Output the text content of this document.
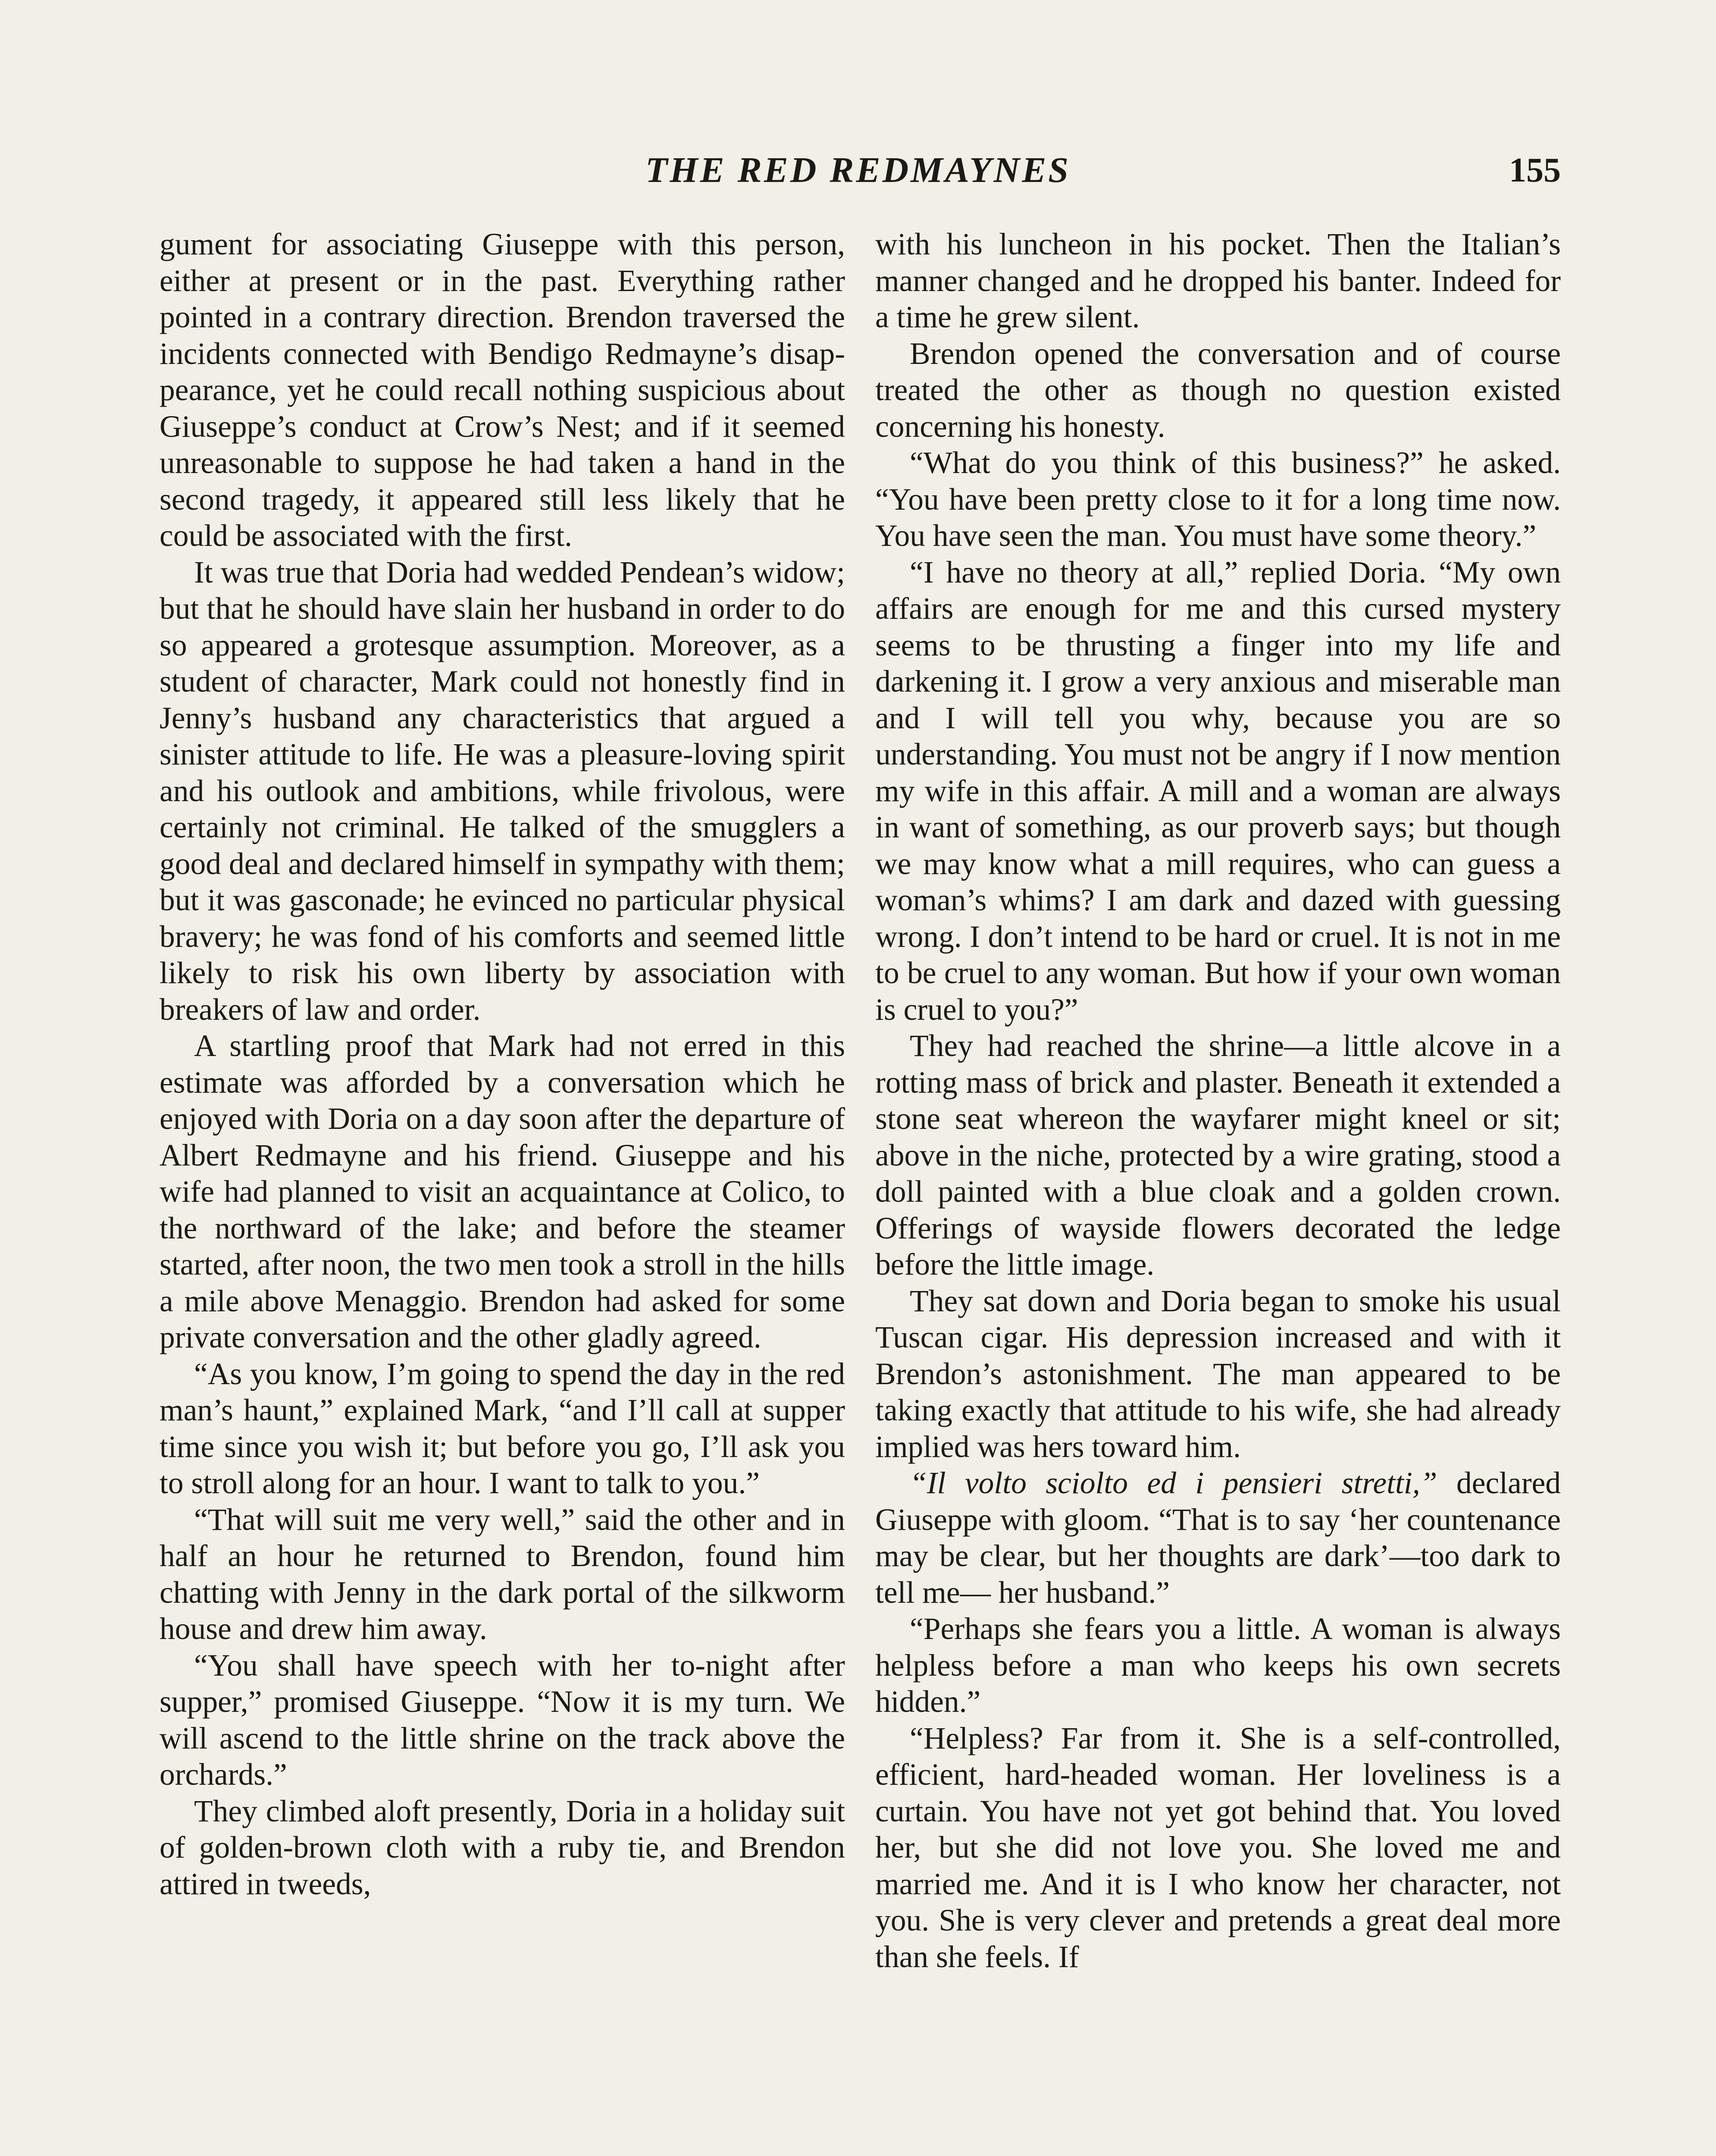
THE RED REDMAYNES	155

gument for associating Giuseppe with this person, either at present or in the past. Everything rather pointed in a contrary direction. Brendon traversed the incidents connected with Bendigo Redmayne’s disappearance, yet he could recall nothing suspicious about Giuseppe’s conduct at Crow’s Nest; and if it seemed unreasonable to suppose he had taken a hand in the second tragedy, it appeared still less likely that he could be associated with the first.

It was true that Doria had wedded Pendean’s widow; but that he should have slain her husband in order to do so appeared a grotesque assumption. Moreover, as a student of character, Mark could not honestly find in Jenny’s husband any characteristics that argued a sinister attitude to life. He was a pleasure-loving spirit and his outlook and ambitions, while frivolous, were certainly not criminal. He talked of the smugglers a good deal and declared himself in sympathy with them; but it was gasconade; he evinced no particular physical bravery; he was fond of his comforts and seemed little likely to risk his own liberty by association with breakers of law and order.

A startling proof that Mark had not erred in this estimate was afforded by a conversation which he enjoyed with Doria on a day soon after the departure of Albert Redmayne and his friend. Giuseppe and his wife had planned to visit an acquaintance at Colico, to the northward of the lake; and before the steamer started, after noon, the two men took a stroll in the hills a mile above Menaggio. Brendon had asked for some private conversation and the other gladly agreed.

“As you know, I’m going to spend the day in the red man’s haunt,” explained Mark, “and I’ll call at supper time since you wish it; but before you go, I’ll ask you to stroll along for an hour. I want to talk to you.”

“That will suit me very well,” said the other and in half an hour he returned to Brendon, found him chatting with Jenny in the dark portal of the silkworm house and drew him away.

“You shall have speech with her to-night after supper,” promised Giuseppe. “Now it is my turn. We will ascend to the little shrine on the track above the orchards.”

They climbed aloft presently, Doria in a holiday suit of golden-brown cloth with a ruby tie, and Brendon attired in tweeds,

with his luncheon in his pocket. Then the Italian’s manner changed and he dropped his banter. Indeed for a time he grew silent.

Brendon opened the conversation and of course treated the other as though no question existed concerning his honesty.

“What do you think of this business?” he asked. “You have been pretty close to it for a long time now. You have seen the man. You must have some theory.”

“I have no theory at all,” replied Doria. “My own affairs are enough for me and this cursed mystery seems to be thrusting a finger into my life and darkening it. I grow a very anxious and miserable man and I will tell you why, because you are so understanding. You must not be angry if I now mention my wife in this affair. A mill and a woman are always in want of something, as our proverb says; but though we may know what a mill requires, who can guess a woman’s whims? I am dark and dazed with guessing wrong. I don’t intend to be hard or cruel. It is not in me to be cruel to any woman. But how if your own woman is cruel to you?”

They had reached the shrine—a little alcove in a rotting mass of brick and plaster. Beneath it extended a stone seat whereon the wayfarer might kneel or sit; above in the niche, protected by a wire grating, stood a doll painted with a blue cloak and a golden crown. Offerings of wayside flowers decorated the ledge before the little image.

They sat down and Doria began to smoke his usual Tuscan cigar. His depression increased and with it Brendon’s astonishment. The man appeared to be taking exactly that attitude to his wife, she had already implied was hers toward him.

“Il volto sciolto ed i pensieri stretti,” declared Giuseppe with gloom. “That is to say ‘her countenance may be clear, but her thoughts are dark’—too dark to tell me— her husband.”

“Perhaps she fears you a little. A woman is always helpless before a man who keeps his own secrets hidden.”

“Helpless? Far from it. She is a self-controlled, efficient, hard-headed woman. Her loveliness is a curtain. You have not yet got behind that. You loved her, but she did not love you. She loved me and married me. And it is I who know her character, not you. She is very clever and pretends a great deal more than she feels. If
